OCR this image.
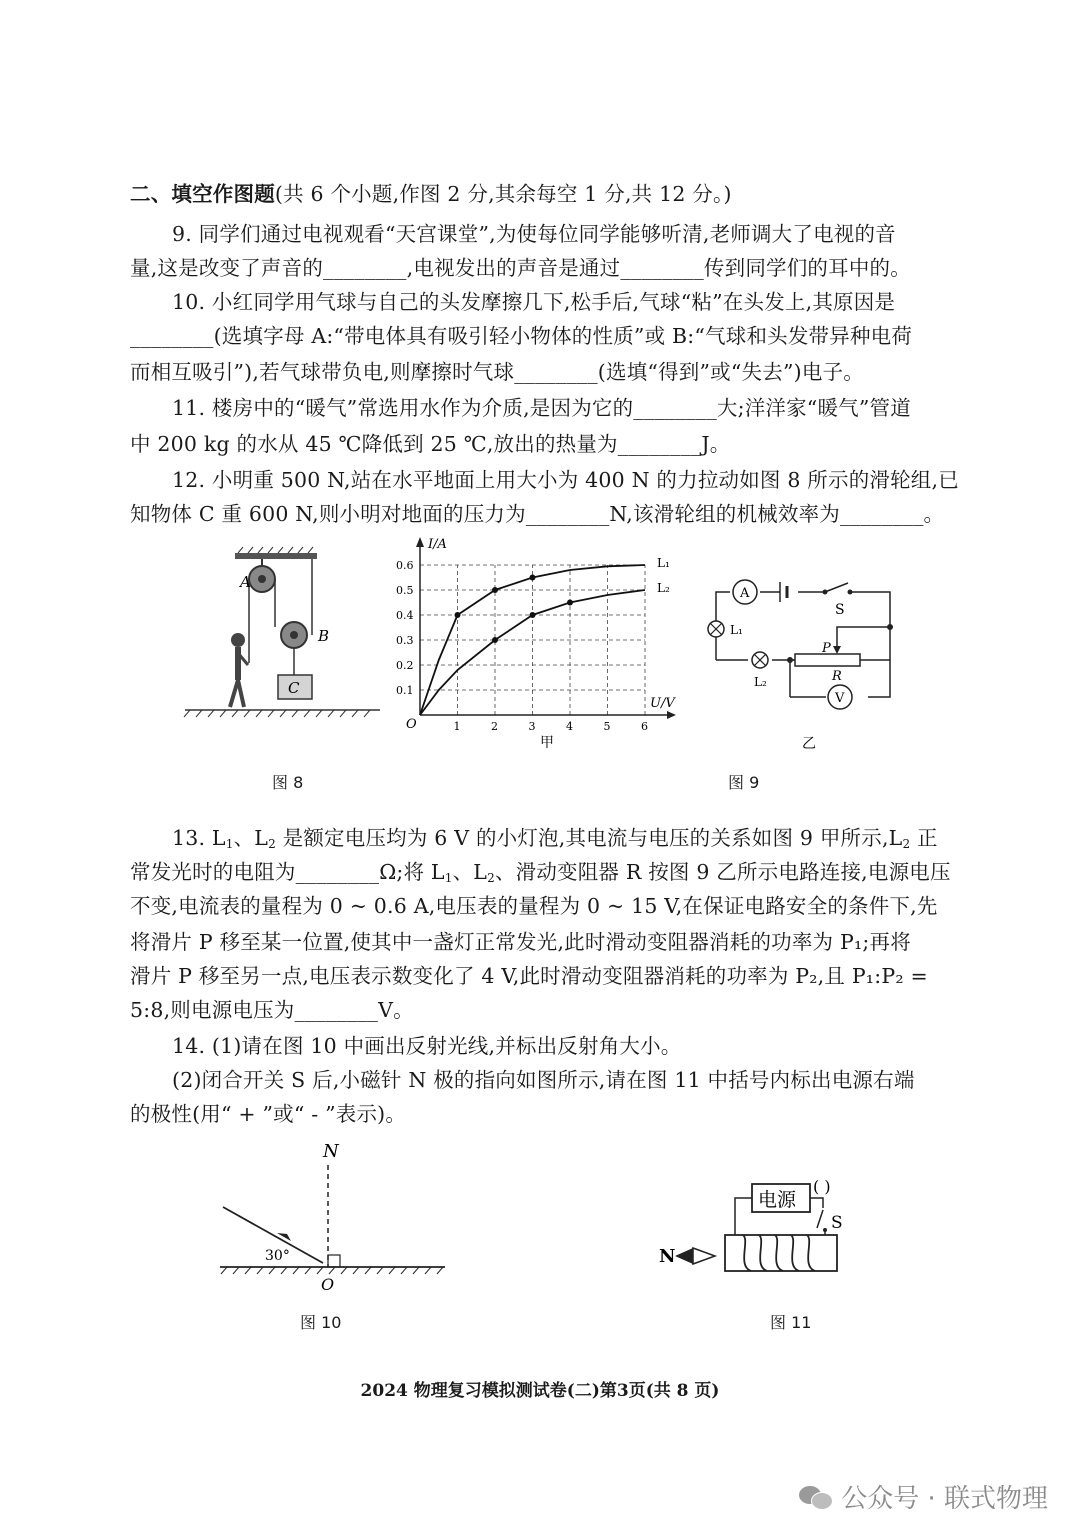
二、填空作图题(共 6 个小题,作图 2 分,其余每空 1 分,共 12 分。)
9. 同学们通过电视观看“天宫课堂”,为使每位同学能够听清,老师调大了电视的音
量,这是改变了声音的________,电视发出的声音是通过________传到同学们的耳中的。
10. 小红同学用气球与自己的头发摩擦几下,松手后,气球“粘”在头发上,其原因是
________(选填字母 A:“带电体具有吸引轻小物体的性质”或 B:“气球和头发带异种电荷
而相互吸引”),若气球带负电,则摩擦时气球________(选填“得到”或“失去”)电子。
11. 楼房中的“暖气”常选用水作为介质,是因为它的________大;洋洋家“暖气”管道
中 200 kg 的水从 45 ℃降低到 25 ℃,放出的热量为________J。
12. 小明重 500 N,站在水平地面上用大小为 400 N 的力拉动如图 8 所示的滑轮组,已
知物体 C 重 600 N,则小明对地面的压力为________N,该滑轮组的机械效率为________。
A
B
C
图 8
I/A
U/V
O	1	2	3	4	5	6
0.1
0.2
0.3
0.4
0.5
0.6	L₁
L₂
甲
A
S
L₁
L₂
P
R
V
乙
图 9
13. $L_1$、$L_2$ 是额定电压均为 6 V 的小灯泡,其电流与电压的关系如图 9 甲所示$,L_2$ 正
常发光时的电阻为________Ω;将 $L_1$、$L_2$、滑动变阻器 R 按图 9 乙所示电路连接,电源电压
不变,电流表的量程为 0 ~ 0.6 A,电压表的量程为 0 ~ 15 V,在保证电路安全的条件下,先
将滑片 P 移至某一位置,使其中一盏灯正常发光,此时滑动变阻器消耗的功率为 P₁;再将
滑片 P 移至另一点,电压表示数变化了 4 V,此时滑动变阻器消耗的功率为 P₂,且 P₁:P₂ =
5:8,则电源电压为________V。
14. (1)请在图 10 中画出反射光线,并标出反射角大小。
(2)闭合开关 S 后,小磁针 N 极的指向如图所示,请在图 11 中括号内标出电源右端
的极性(用“ + ”或“ - ”表示)。
N
30°
O
图 10
电源
( )
S
N
图 11
2024 物理复习模拟测试卷(二)第3页(共 8 页)
公众号 · 联式物理
